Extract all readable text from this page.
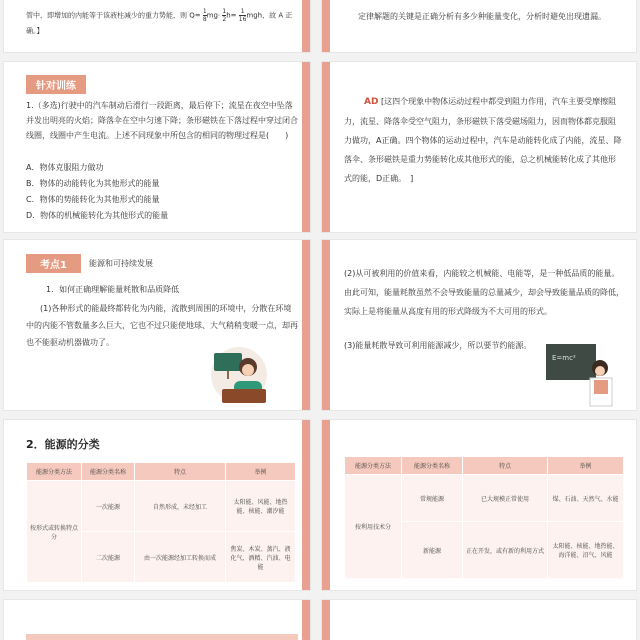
管中，即增加的内能等于该液柱减少的重力势能，则 $Q= \frac{1}{8} mg\cdot \frac{1}{2} h= \frac{1}{16}$ mgh，故 A 正确。】
定律解题的关键是正确分析有多少种能量变化，分析时避免出现遗漏。
针对训练
1.（多选)行驶中的汽车制动后滑行一段距离，最后停下；流星在夜空中坠落并发出明亮的火焰；降落伞在空中匀速下降；条形磁铁在下落过程中穿过闭合线圈，线圈中产生电流。上述不同现象中所包含的相同的物理过程是(　　)
A．物体克服阻力做功
B．物体的动能转化为其他形式的能量
C．物体的势能转化为其他形式的能量
D．物体的机械能转化为其他形式的能量
AD [这四个现象中物体运动过程中都受到阻力作用，汽车主要受摩擦阻力，流星、降落伞受空气阻力，条形磁铁下落受磁场阻力，因而物体都克服阻力做功，A正确。四个物体的运动过程中，汽车是动能转化成了内能，流星、降落伞、条形磁铁是重力势能转化成其他形式的能，总之机械能转化成了其他形式的能，D正确。　]
考点1	能源和可持续发展
1．如何正确理解能量耗散和品质降低
(1)各种形式的能最终都转化为内能，流散到周围的环境中，分散在环境中的内能不管数量多么巨大，它也不过只能使地球、大气稍稍变暖一点，却再也不能驱动机器做功了。
(2)从可被利用的价值来看，内能较之机械能、电能等，是一种低品质的能量。由此可知，能量耗散虽然不会导致能量的总量减少，却会导致能量品质的降低，实际上是将能量从高度有用的形式降级为不大可用的形式。
(3)能量耗散导致可利用能源减少，所以要节约能源。
E=mc²
2．能源的分类
能源分类方法	能源分类名称	特点	举例
按形式或转换特点分	一次能源	自然形成，未经加工	太阳能、风能、地热能、核能、潮汐能
	二次能源	由一次能源经加工转换而成	焦炭、木炭、蒸汽、液化气、酒精、汽油、电能
能源分类方法	能源分类名称	特点	举例
按利用技术分	常规能源	已大规模正常使用	煤、石油、天然气、水能
	新能源	正在开发，或有新的利用方式	太阳能、核能、地热能、海洋能、沼气、风能
